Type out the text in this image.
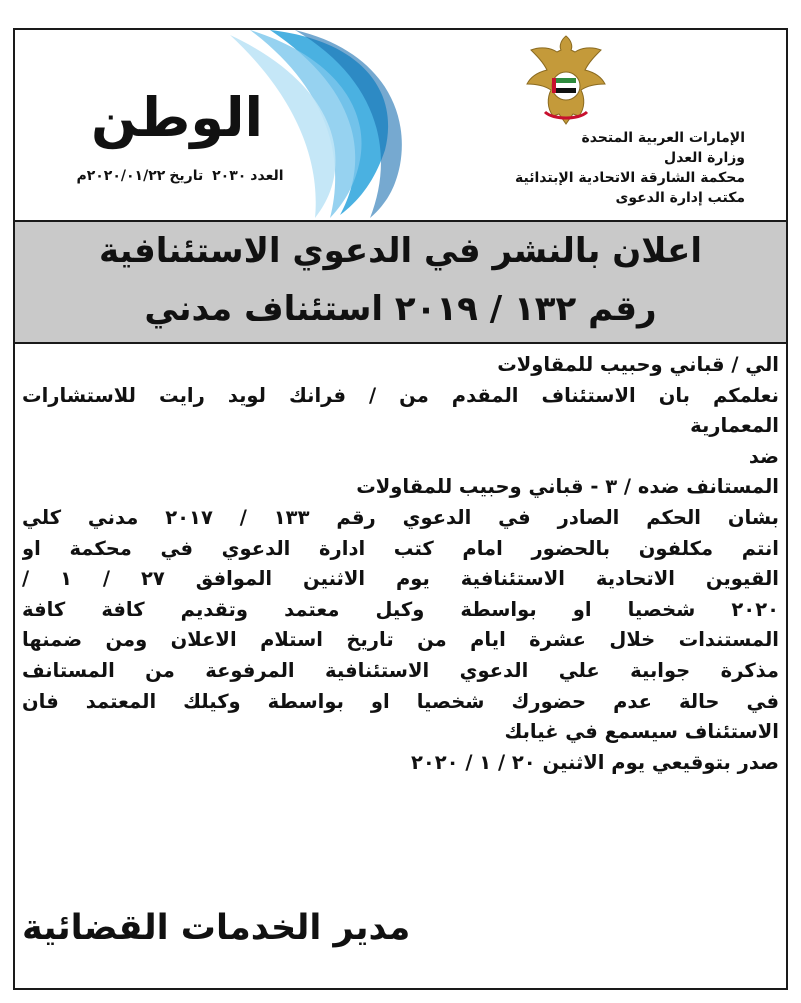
الوطن
العدد٢٠٣٠ تاريخ٢٠٢٠/٠١/٢٢م
الإمارات العربية المتحدة
وزارة العدل
محكمة الشارقة الاتحادية الإبتدائية
مكتب إدارة الدعوى
اعلان بالنشر في الدعوي الاستئنافية
رقم ١٣٢ / ٢٠١٩ استئناف مدني
الي / قباني وحبيب للمقاولات
نعلمكم بان الاستئناف المقدم من / فرانك لويد رايت للاستشارات
المعمارية
ضد
المستانف ضده / ٣ - قباني وحبيب للمقاولات
بشان الحكم الصادر في الدعوي رقم ١٣٣ / ٢٠١٧ مدني كلي
انتم مكلفون بالحضور امام كتب ادارة الدعوي في محكمة او
القيوين الاتحادية الاستئنافية يوم الاثنين الموافق ٢٧ / ١ /
٢٠٢٠ شخصيا او بواسطة وكيل معتمد وتقديم كافة كافة
المستندات خلال عشرة ايام من تاريخ استلام الاعلان ومن ضمنها
مذكرة جوابية علي الدعوي الاستئنافية المرفوعة من المستانف
في حالة عدم حضورك شخصيا او بواسطة وكيلك المعتمد فان
الاستئناف سيسمع في غيابك
صدر بتوقيعي يوم الاثنين ٢٠ / ١ / ٢٠٢٠
مدير الخدمات القضائية
